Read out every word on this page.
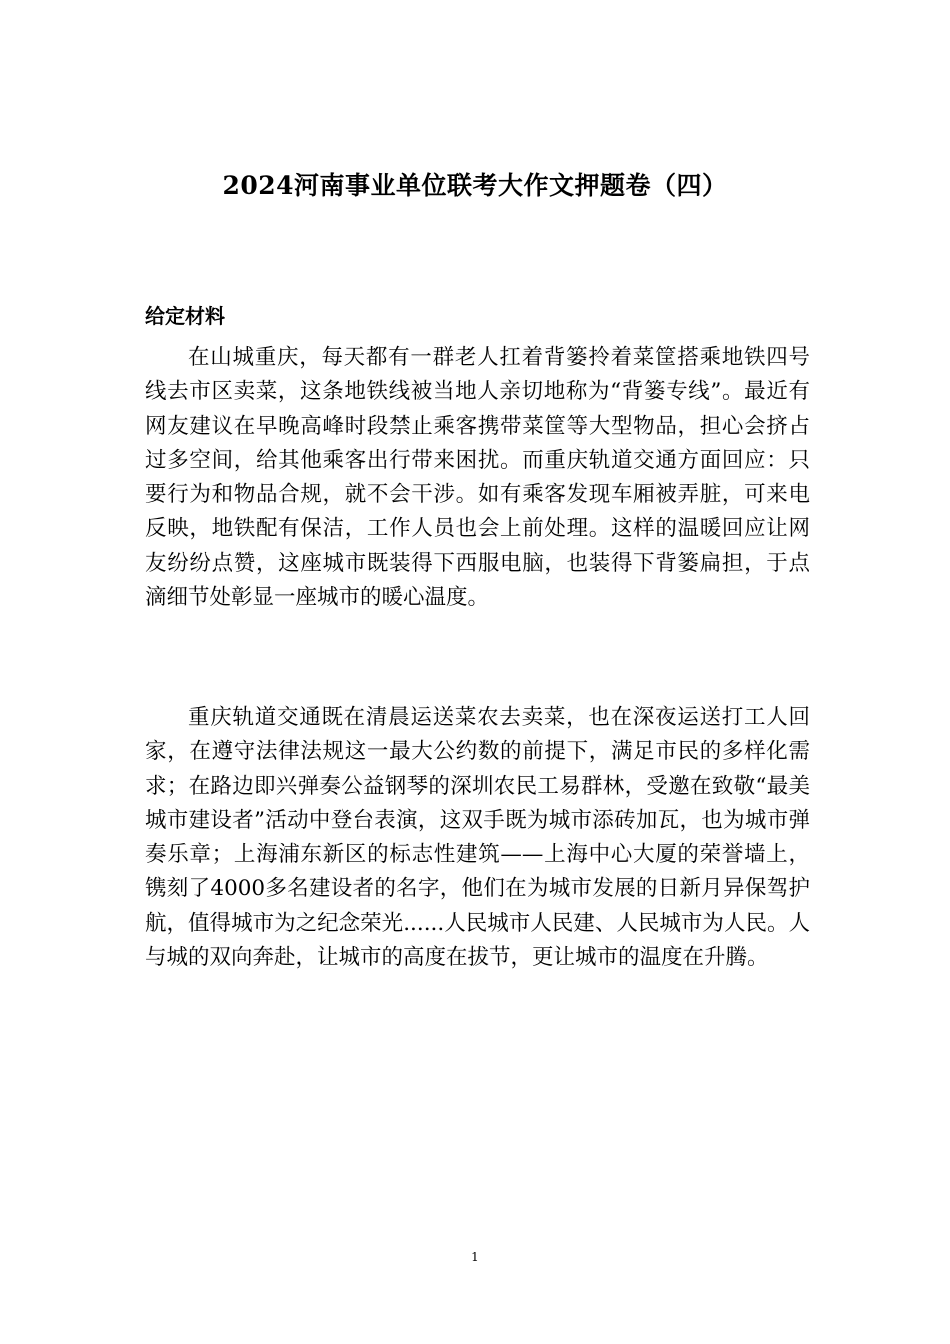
2024河南事业单位联考大作文押题卷（四）
给定材料

在山城重庆，每天都有一群老人扛着背篓拎着菜筐搭乘地铁四号线去市区卖菜，这条地铁线被当地人亲切地称为“背篓专线”。最近有网友建议在早晚高峰时段禁止乘客携带菜筐等大型物品，担心会挤占过多空间，给其他乘客出行带来困扰。而重庆轨道交通方面回应：只要行为和物品合规，就不会干涉。如有乘客发现车厢被弄脏，可来电反映，地铁配有保洁，工作人员也会上前处理。这样的温暖回应让网友纷纷点赞，这座城市既装得下西服电脑，也装得下背篓扁担，于点滴细节处彰显一座城市的暖心温度。

重庆轨道交通既在清晨运送菜农去卖菜，也在深夜运送打工人回家，在遵守法律法规这一最大公约数的前提下，满足市民的多样化需求；在路边即兴弹奏公益钢琴的深圳农民工易群林，受邀在致敬“最美城市建设者”活动中登台表演，这双手既为城市添砖加瓦，也为城市弹奏乐章；上海浦东新区的标志性建筑——上海中心大厦的荣誉墙上，镌刻了4000多名建设者的名字，他们在为城市发展的日新月异保驾护航，值得城市为之纪念荣光......人民城市人民建、人民城市为人民。人与城的双向奔赴，让城市的高度在拔节，更让城市的温度在升腾。

1
